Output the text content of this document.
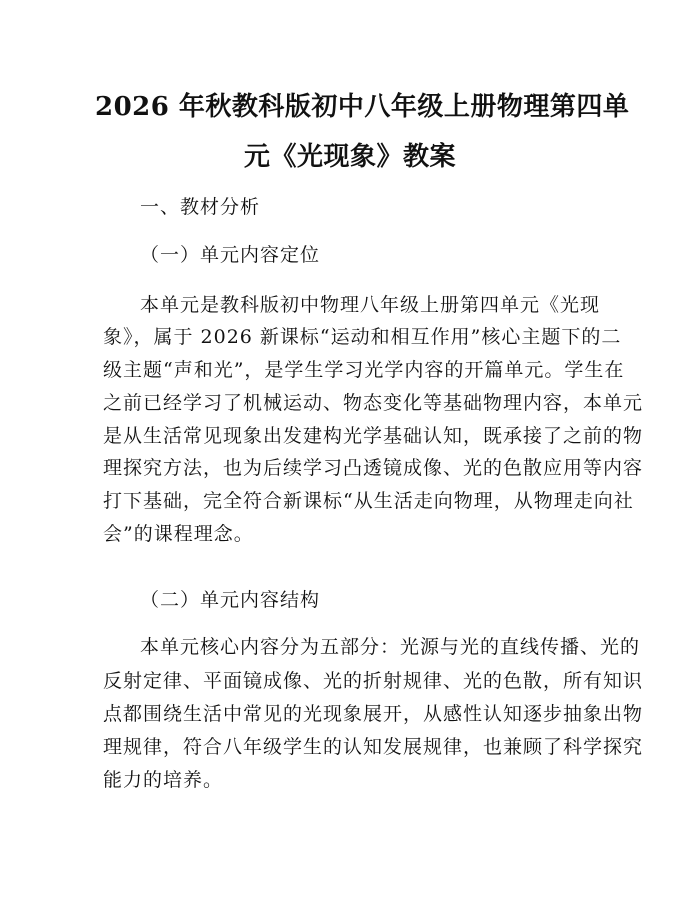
2026 年秋教科版初中八年级上册物理第四单
元《光现象》教案
一、教材分析
（一）单元内容定位
本单元是教科版初中物理八年级上册第四单元《光现
象》，属于 2026 新课标“运动和相互作用”核心主题下的二
级主题“声和光”，是学生学习光学内容的开篇单元。学生在
之前已经学习了机械运动、物态变化等基础物理内容，本单元
是从生活常见现象出发建构光学基础认知，既承接了之前的物
理探究方法，也为后续学习凸透镜成像、光的色散应用等内容
打下基础，完全符合新课标“从生活走向物理，从物理走向社
会”的课程理念。
（二）单元内容结构
本单元核心内容分为五部分：光源与光的直线传播、光的
反射定律、平面镜成像、光的折射规律、光的色散，所有知识
点都围绕生活中常见的光现象展开，从感性认知逐步抽象出物
理规律，符合八年级学生的认知发展规律，也兼顾了科学探究
能力的培养。
